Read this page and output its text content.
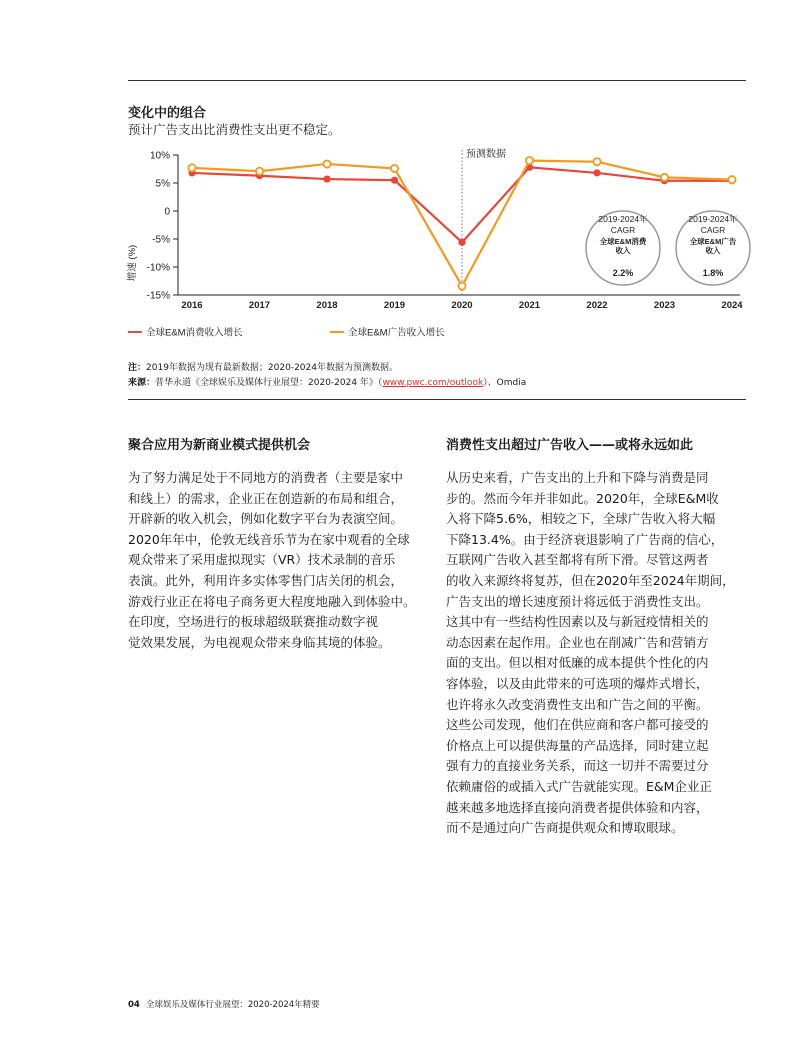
变化中的组合
预计广告支出比消费性支出更不稳定。
10%
5%
0
-5%
-10%
-15%
2016	2017	2018	2019	2020	2021	2022	2023	2024
增速 (%)
预测数据
2019-2024年
CAGR
全球E&M消费
收入
2.2%
2019-2024年
CAGR
全球E&M广告
收入
1.8%
全球E&M消费收入增长	全球E&M广告收入增长
注：2019年数据为现有最新数据；2020-2024年数据为预测数据。
来源：普华永道《全球娱乐及媒体行业展望：2020-2024 年》（www.pwc.com/outlook）、Omdia
聚合应用为新商业模式提供机会
为了努力满足处于不同地方的消费者（主要是家中
和线上）的需求，企业正在创造新的布局和组合，
开辟新的收入机会，例如化数字平台为表演空间。
2020年年中，伦敦无线音乐节为在家中观看的全球
观众带来了采用虚拟现实（VR）技术录制的音乐
表演。此外，利用许多实体零售门店关闭的机会，
游戏行业正在将电子商务更大程度地融入到体验中。
在印度，空场进行的板球超级联赛推动数字视
觉效果发展，为电视观众带来身临其境的体验。
消费性支出超过广告收入——或将永远如此
从历史来看，广告支出的上升和下降与消费是同
步的。然而今年并非如此。2020年，全球E&M收
入将下降5.6%，相较之下，全球广告收入将大幅
下降13.4%。由于经济衰退影响了广告商的信心，
互联网广告收入甚至都将有所下滑。尽管这两者
的收入来源终将复苏，但在2020年至2024年期间，
广告支出的增长速度预计将远低于消费性支出。
这其中有一些结构性因素以及与新冠疫情相关的
动态因素在起作用。企业也在削减广告和营销方
面的支出。但以相对低廉的成本提供个性化的内
容体验，以及由此带来的可选项的爆炸式增长，
也许将永久改变消费性支出和广告之间的平衡。
这些公司发现，他们在供应商和客户都可接受的
价格点上可以提供海量的产品选择，同时建立起
强有力的直接业务关系，而这一切并不需要过分
依赖庸俗的或插入式广告就能实现。E&M企业正
越来越多地选择直接向消费者提供体验和内容，
而不是通过向广告商提供观众和博取眼球。
04 全球娱乐及媒体行业展望：2020-2024年精要
